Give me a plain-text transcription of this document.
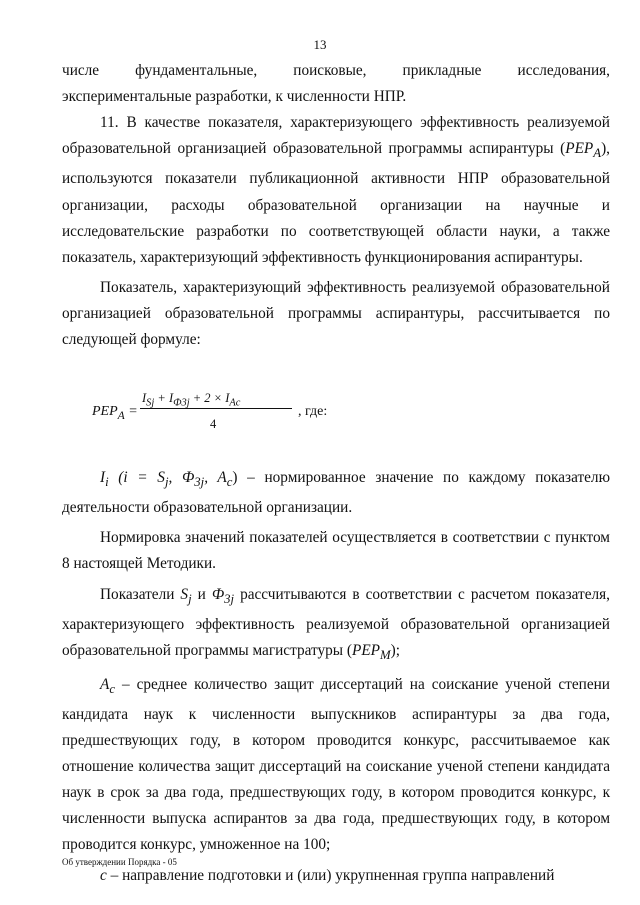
13

числе фундаментальные, поисковые, прикладные исследования, экспериментальные разработки, к численности НПР.

11. В качестве показателя, характеризующего эффективность реализуемой образовательной организацией образовательной программы аспирантуры $(PEP_A)$, используются показатели публикационной активности НПР образовательной организации, расходы образовательной организации на научные и исследовательские разработки по соответствующей области науки, а также показатель, характеризующий эффективность функционирования аспирантуры.

Показатель, характеризующий эффективность реализуемой образовательной организацией образовательной программы аспирантуры, рассчитывается по следующей формуле:

$PEP_A$ =
$I_{Sj} + I_{Ф3j} + 2 \times I_{Ac}$
4
, где:

$I_i$ ($i = S_j$, $Ф_{3j}$, $A_c$) – нормированное значение по каждому показателю деятельности образовательной организации.

Нормировка значений показателей осуществляется в соответствии с пунктом 8 настоящей Методики.

Показатели $S_j$ и $Ф_{3j}$ рассчитываются в соответствии с расчетом показателя, характеризующего эффективность реализуемой образовательной организацией образовательной программы магистратуры $(PEP_M)$;

$A_c$ – среднее количество защит диссертаций на соискание ученой степени кандидата наук к численности выпускников аспирантуры за два года, предшествующих году, в котором проводится конкурс, рассчитываемое как отношение количества защит диссертаций на соискание ученой степени кандидата наук в срок за два года, предшествующих году, в котором проводится конкурс, к численности выпуска аспирантов за два года, предшествующих году, в котором проводится конкурс, умноженное на 100;

c – направление подготовки и (или) укрупненная группа направлений

Об утверждении Порядка - 05
